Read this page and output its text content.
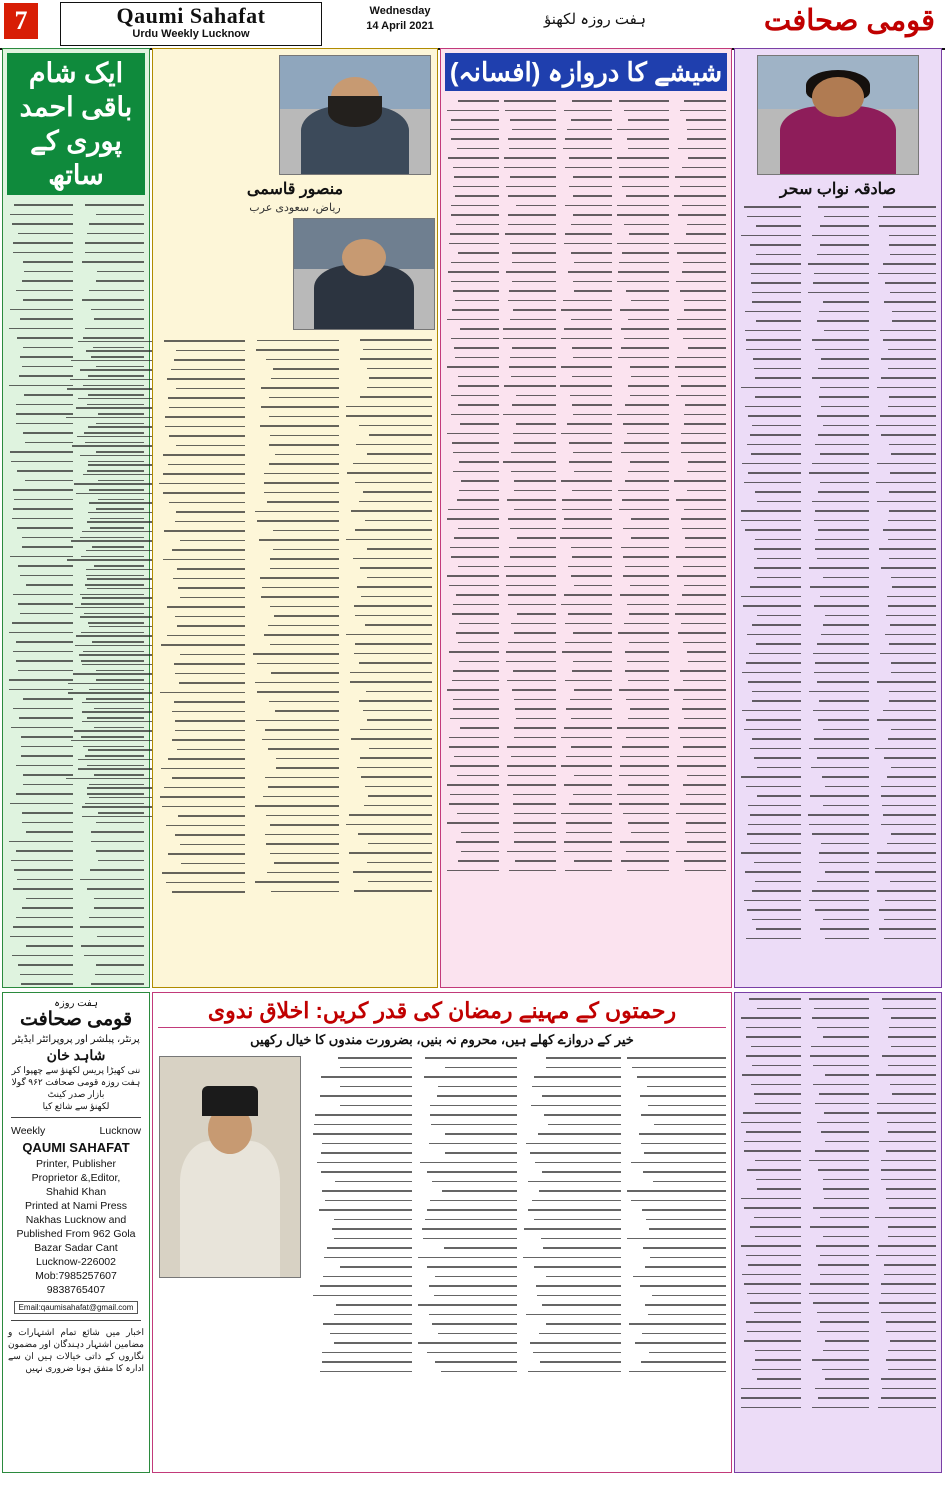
7	Qaumi Sahafat
Urdu Weekly Lucknow
Wednesday
14 April 2021	ہفت روزہ لکھنؤ	قومی صحافت
ایک شام باقی احمد پوری کے ساتھ	منصور قاسمی
ریاض، سعودی عرب
شیشے کا دروازہ (افسانہ)
صادقہ نواب سحر
ہفت روزہ
قومی صحافت
پرنٹر، پبلشر اور پروپرائٹر ایڈیٹر
شاہد خان
ننی کھیڑا پریس لکھنؤ سے چھپوا کر
ہفت روزہ قومی صحافت ۹۶۲ گولا بازار صدر کینٹ
لکھنؤ سے شائع کیا
Weekly	Lucknow
QAUMI SAHAFAT
Printer, Publisher
Proprietor &,Editor,
Shahid Khan
Printed at Nami Press
Nakhas Lucknow and
Published From 962 Gola
Bazar Sadar Cant
Lucknow-226002
Mob:7985257607
9838765407
Email:qaumisahafat@gmail.com
اخبار میں شائع تمام اشتہارات و مضامین اشتہار دہندگان اور مضمون نگاروں کے ذاتی خیالات ہیں ان سے ادارہ کا متفق ہونا ضروری نہیں
رحمتوں کے مہینے رمضان کی قدر کریں: اخلاق ندوی
خیر کے دروازے کھلے ہیں، محروم نہ بنیں، بضرورت مندوں کا خیال رکھیں
